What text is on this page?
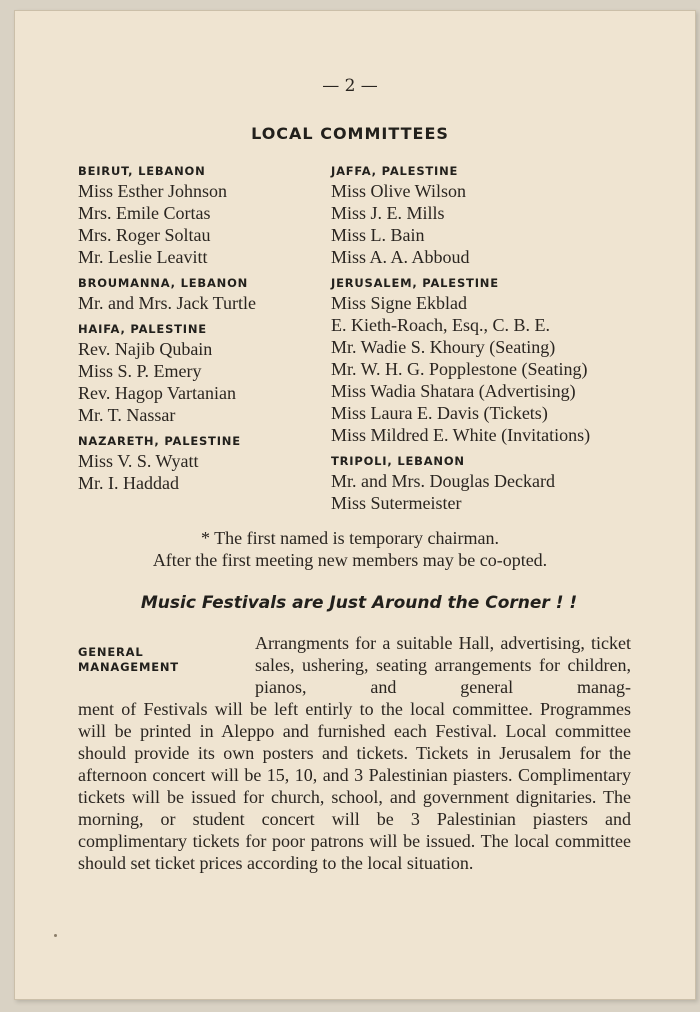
— 2 —
LOCAL COMMITTEES
BEIRUT, LEBANON
Miss Esther Johnson
Mrs. Emile Cortas
Mrs. Roger Soltau
Mr. Leslie Leavitt
BROUMANNA, LEBANON
Mr. and Mrs. Jack Turtle
HAIFA, PALESTINE
Rev. Najib Qubain
Miss S. P. Emery
Rev. Hagop Vartanian
Mr. T. Nassar
NAZARETH, PALESTINE
Miss V. S. Wyatt
Mr. I. Haddad
JAFFA, PALESTINE
Miss Olive Wilson
Miss J. E. Mills
Miss L. Bain
Miss A. A. Abboud
JERUSALEM, PALESTINE
Miss Signe Ekblad
E. Kieth-Roach, Esq., C. B. E.
Mr. Wadie S. Khoury (Seating)
Mr. W. H. G. Popplestone (Seating)
Miss Wadia Shatara (Advertising)
Miss Laura E. Davis (Tickets)
Miss Mildred E. White (Invitations)
TRIPOLI, LEBANON
Mr. and Mrs. Douglas Deckard
Miss Sutermeister
* The first named is temporary chairman.
After the first meeting new members may be co-opted.
Music Festivals are Just Around the Corner ! !
GENERAL
MANAGEMENT
Arrangments for a suitable Hall, advertising, ticket sales, ushering, seating arrangements for children, pianos, and general manag-
ment of Festivals will be left entirly to the local committee. Programmes will be printed in Aleppo and furnished each Festival. Local committee should provide its own posters and tickets. Tickets in Jerusalem for the afternoon concert will be 15, 10, and 3 Palestinian piasters. Complimentary tickets will be issued for church, school, and government dignitaries. The morning, or student concert will be 3 Palestinian piasters and complimentary tickets for poor patrons will be issued. The local committee should set ticket prices according to the local situation.
